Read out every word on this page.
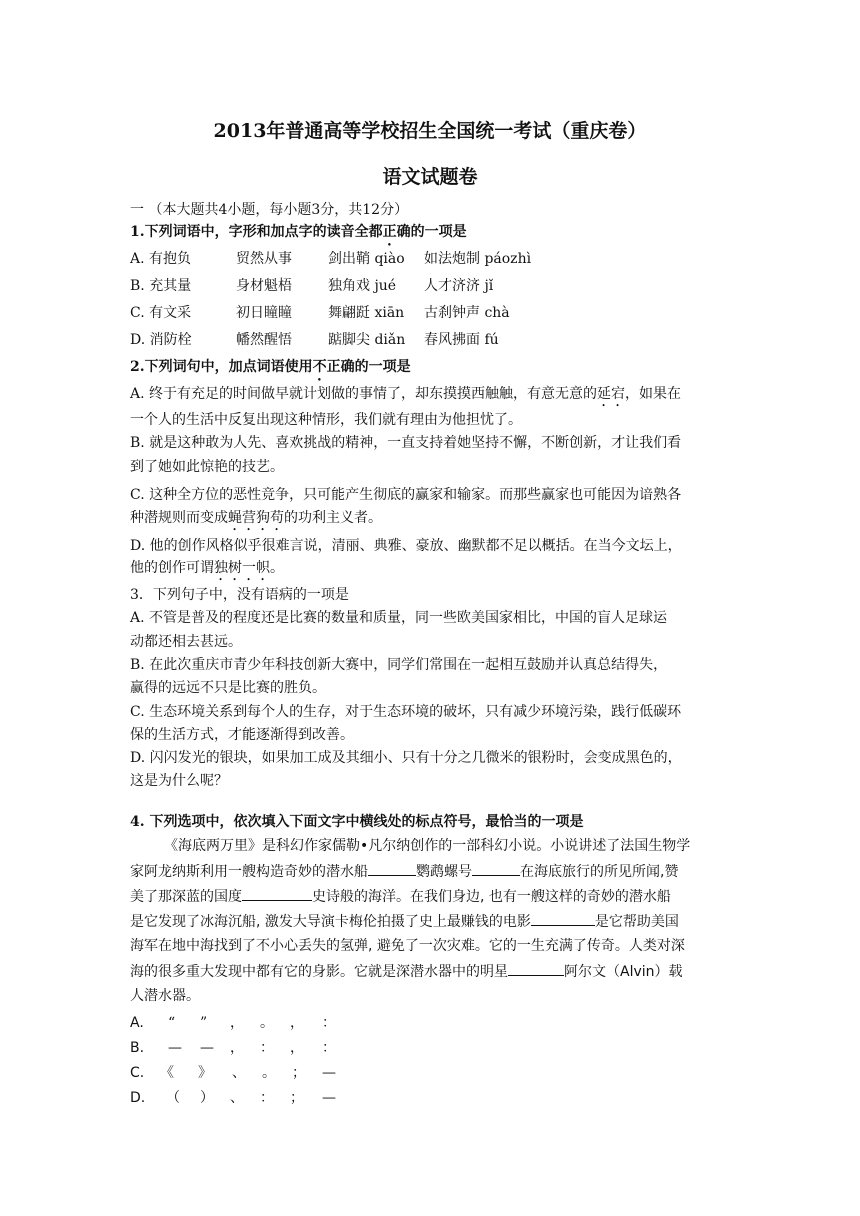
2013年普通高等学校招生全国统一考试（重庆卷）
语文试题卷
一 （本大题共4小题，每小题3分，共12分）
1.下列词语中，字形和加点字的读音全都正确的一项是
A. 有抱负	贸然从事	剑出鞘 qiào 如法炮制 páozhì
B. 充其量	身材魁梧	独角戏 jué 人才济济 jǐ
C. 有文采	初日瞳瞳	舞翩跹 xiān 古刹钟声 chà
D. 消防栓	幡然醒悟	踮脚尖 diǎn 春风拂面 fú
2.下列词句中，加点词语使用不正确的一项是
A. 终于有充足的时间做早就计划做的事情了，却东摸摸西触触，有意无意的延宕，如果在
一个人的生活中反复出现这种情形，我们就有理由为他担忧了。
B. 就是这种敢为人先、喜欢挑战的精神，一直支持着她坚持不懈，不断创新，才让我们看
到了她如此惊艳的技艺。
C. 这种全方位的恶性竞争，只可能产生彻底的赢家和输家。而那些赢家也可能因为谙熟各
种潜规则而变成蝇营狗苟的功利主义者。
D. 他的创作风格似乎很难言说，清丽、典雅、豪放、幽默都不足以概括。在当今文坛上，
他的创作可谓独树一帜。
3．下列句子中，没有语病的一项是
A. 不管是普及的程度还是比赛的数量和质量，同一些欧美国家相比，中国的盲人足球运
动都还相去甚远。
B. 在此次重庆市青少年科技创新大赛中，同学们常围在一起相互鼓励并认真总结得失，
赢得的远远不只是比赛的胜负。
C. 生态环境关系到每个人的生存，对于生态环境的破坏，只有减少环境污染，践行低碳环
保的生活方式，才能逐渐得到改善。
D. 闪闪发光的银块，如果加工成及其细小、只有十分之几微米的银粉时，会变成黑色的，
这是为什么呢？
4. 下列选项中，依次填入下面文字中横线处的标点符号，最恰当的一项是
《海底两万里》是科幻作家儒勒•凡尔纳创作的一部科幻小说。小说讲述了法国生物学
家阿龙纳斯利用一艘构造奇妙的潜水船	鹦鹉螺号	在海底旅行的所见所闻,赞
美了那深蓝的国度	史诗般的海洋。在我们身边, 也有一艘这样的奇妙的潜水船
是它发现了冰海沉船, 激发大导演卡梅伦拍摄了史上最赚钱的电影	是它帮助美国
海军在地中海找到了不小心丢失的氢弹, 避免了一次灾难。它的一生充满了传奇。人类对深
海的很多重大发现中都有它的身影。它就是深潜水器中的明星	阿尔文（Alvin）载
人潜水器。
A. “ ” ， 。 ， ：
B. — — ， ： ， ：
C. 《 》 、 。 ； —
D. （ ） 、 ： ； —
